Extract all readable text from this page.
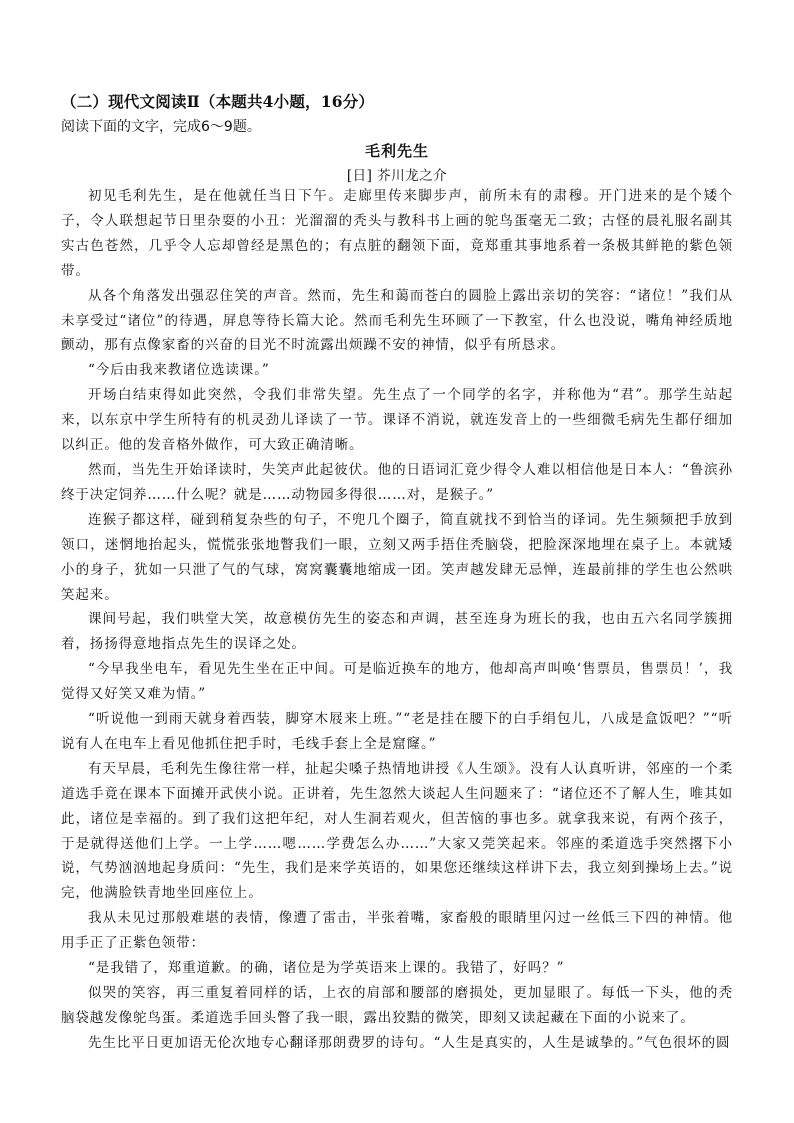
（二）现代文阅读Ⅱ（本题共4小题，16分）
阅读下面的文字，完成6～9题。
毛利先生
[日] 芥川龙之介

初见毛利先生，是在他就任当日下午。走廊里传来脚步声，前所未有的肃穆。开门进来的是个矮个子，令人联想起节日里杂耍的小丑：光溜溜的秃头与教科书上画的鸵鸟蛋毫无二致；古怪的晨礼服名副其实古色苍然，几乎令人忘却曾经是黑色的；有点脏的翻领下面，竟郑重其事地系着一条极其鲜艳的紫色领带。

从各个角落发出强忍住笑的声音。然而，先生和蔼而苍白的圆脸上露出亲切的笑容：“诸位！”我们从未享受过“诸位”的待遇，屏息等待长篇大论。然而毛利先生环顾了一下教室，什么也没说，嘴角神经质地颤动，那有点像家畜的兴奋的目光不时流露出烦躁不安的神情，似乎有所恳求。

“今后由我来教诸位选读课。”

开场白结束得如此突然，令我们非常失望。先生点了一个同学的名字，并称他为“君”。那学生站起来，以东京中学生所特有的机灵劲儿译读了一节。课译不消说，就连发音上的一些细微毛病先生都仔细加以纠正。他的发音格外做作，可大致正确清晰。

然而，当先生开始译读时，失笑声此起彼伏。他的日语词汇竟少得令人难以相信他是日本人：“鲁滨孙终于决定饲养……什么呢？就是……动物园多得很……对，是猴子。”

连猴子都这样，碰到稍复杂些的句子，不兜几个圈子，简直就找不到恰当的译词。先生频频把手放到领口，迷惘地抬起头，慌慌张张地瞥我们一眼，立刻又两手捂住秃脑袋，把脸深深地埋在桌子上。本就矮小的身子，犹如一只泄了气的气球，窝窝囊囊地缩成一团。笑声越发肆无忌惮，连最前排的学生也公然哄笑起来。

课间号起，我们哄堂大笑，故意模仿先生的姿态和声调，甚至连身为班长的我，也由五六名同学簇拥着，扬扬得意地指点先生的误译之处。

“今早我坐电车，看见先生坐在正中间。可是临近换车的地方，他却高声叫唤‘售票员，售票员！’，我觉得又好笑又难为情。”

“听说他一到雨天就身着西装，脚穿木屐来上班。”“老是挂在腰下的白手绢包儿，八成是盒饭吧？”“听说有人在电车上看见他抓住把手时，毛线手套上全是窟窿。”

有天早晨，毛利先生像往常一样，扯起尖嗓子热情地讲授《人生颂》。没有人认真听讲，邻座的一个柔道选手竟在课本下面摊开武侠小说。正讲着，先生忽然大谈起人生问题来了：“诸位还不了解人生，唯其如此，诸位是幸福的。到了我们这把年纪，对人生洞若观火，但苦恼的事也多。就拿我来说，有两个孩子，于是就得送他们上学。一上学……嗯……学费怎么办……”大家又莞笑起来。邻座的柔道选手突然撂下小说，气势汹汹地起身质问：“先生，我们是来学英语的，如果您还继续这样讲下去，我立刻到操场上去。”说完，他满脸铁青地坐回座位上。

我从未见过那般难堪的表情，像遭了雷击，半张着嘴，家畜般的眼睛里闪过一丝低三下四的神情。他用手正了正紫色领带：

“是我错了，郑重道歉。的确，诸位是为学英语来上课的。我错了，好吗？”

似哭的笑容，再三重复着同样的话，上衣的肩部和腰部的磨损处，更加显眼了。每低一下头，他的秃脑袋越发像鸵鸟蛋。柔道选手回头瞥了我一眼，露出狡黠的微笑，即刻又读起藏在下面的小说来了。

先生比平日更加语无伦次地专心翻译那朗费罗的诗句。“人生是真实的，人生是诚挚的。”气色很坏的圆
